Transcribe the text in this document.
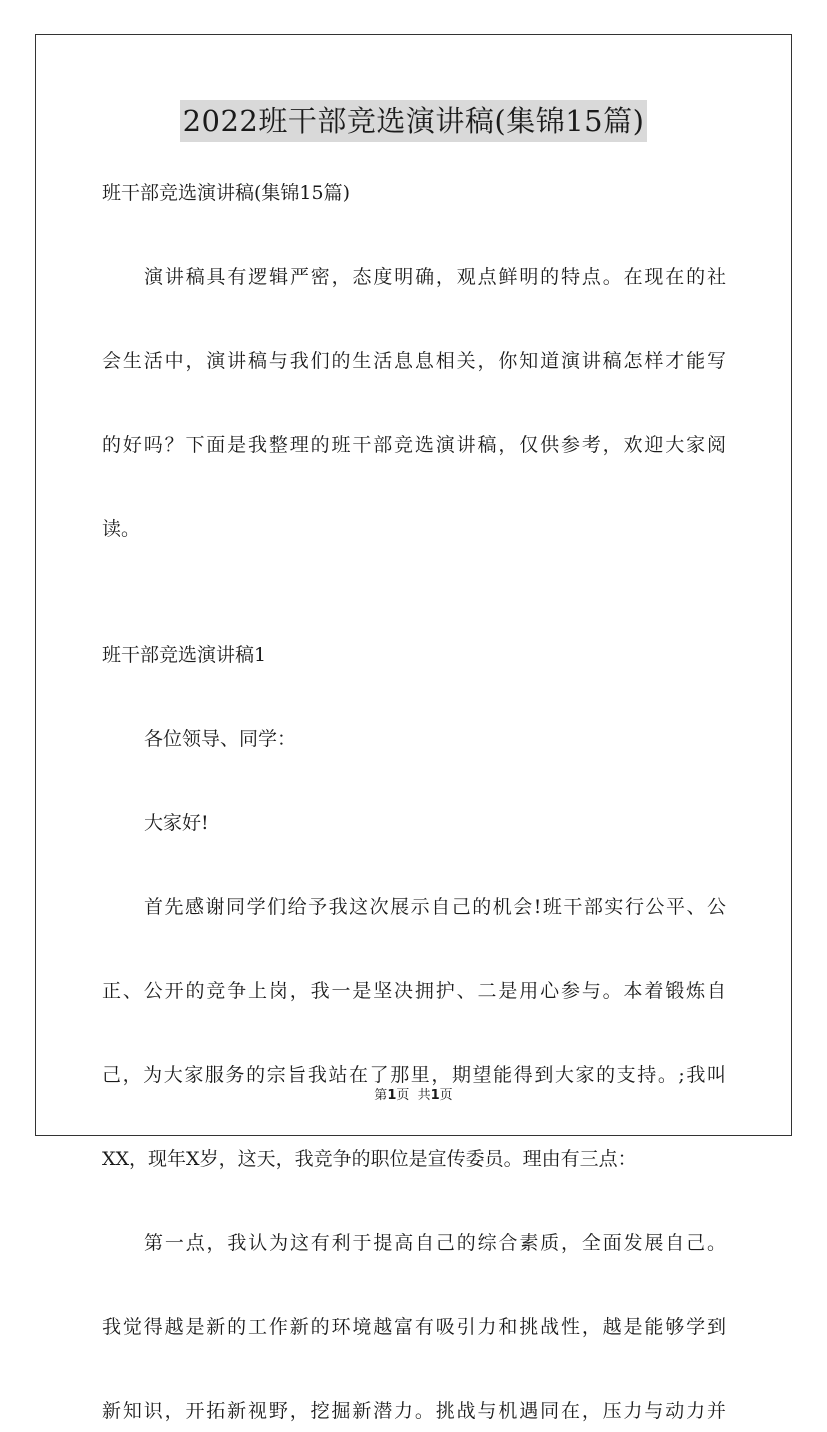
2022班干部竞选演讲稿(集锦15篇)
班干部竞选演讲稿(集锦15篇)
演讲稿具有逻辑严密，态度明确，观点鲜明的特点。在现在的社
会生活中，演讲稿与我们的生活息息相关，你知道演讲稿怎样才能写
的好吗？下面是我整理的班干部竞选演讲稿，仅供参考，欢迎大家阅
读。
班干部竞选演讲稿1
各位领导、同学：
大家好!
首先感谢同学们给予我这次展示自己的机会!班干部实行公平、公
正、公开的竞争上岗，我一是坚决拥护、二是用心参与。本着锻炼自
己，为大家服务的宗旨我站在了那里，期望能得到大家的支持。;我叫
XX，现年X岁，这天，我竞争的职位是宣传委员。理由有三点：
第一点，我认为这有利于提高自己的综合素质，全面发展自己。
我觉得越是新的工作新的环境越富有吸引力和挑战性，越是能够学到
新知识，开拓新视野，挖掘新潜力。挑战与机遇同在，压力与动力并
第1页  共1页
